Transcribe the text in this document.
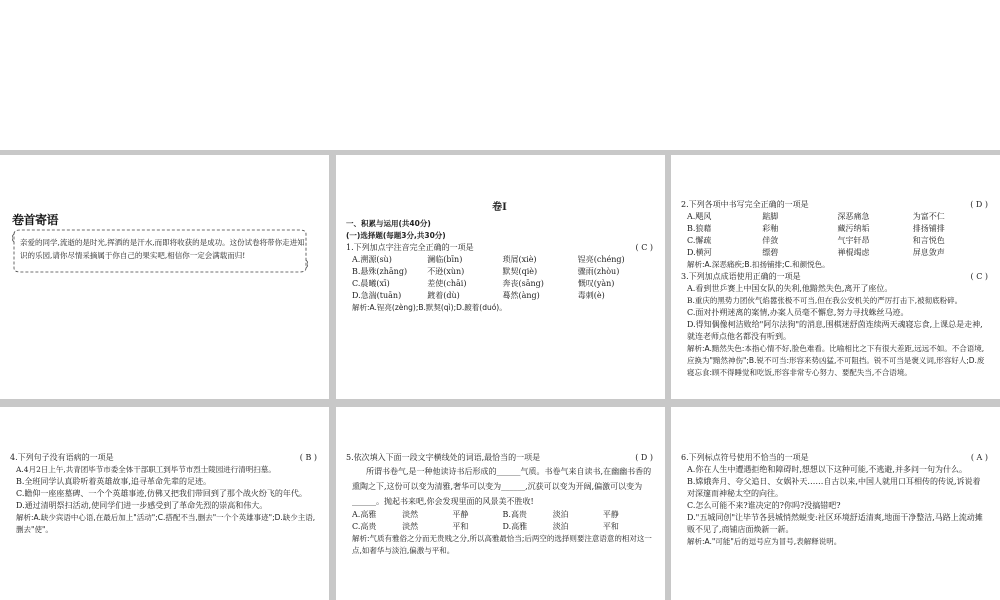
卷首寄语
亲爱的同学,流逝的是时光,挥洒的是汗水,而即将收获的是成功。这份试卷将带你走进知识的乐园,请你尽情采摘属于你自己的果实吧,相信你一定会满载而归!

卷Ⅰ

一、积累与运用(共40分)

(一)选择题(每题3分,共30分)

1.下列加点字注音完全正确的一项是	( C )

A.溯源(sù)	澜临(bīn)	琐屑(xiè)	锃亮(chéng)

B.悬殊(zhāng)	不逊(xùn)	默契(qiè)	骤雨(zhòu)

C.晨曦(xī)	差使(chāi)	奔丧(sāng)	慨叹(yàn)

D.急湍(tuān)	踱着(dù)	蓦然(àng)	毒刺(è)

解析:A.锃亮(zèng);B.默契(qì);D.踱着(duó)。

2.下列各项中书写完全正确的一项是	( D )

A.飓风	踮脚	深恶痛急	为富不仁

B.狼藉	彩釉	藏污纳垢	排扬铺排

C.懈疏	伴敛	气宇轩昂	和言悦色

D.横河	缥碧	禅棍竭虑	屏息敛声

解析:A.深恶痛疾;B.扣扬铺排;C.和颜悦色。

3.下列加点成语使用正确的一项是	( C )

A.看到世乒赛上中国女队的失利,他黯然失色,离开了座位。

B.重庆的黑势力团伙气焰嚣张极不可当,但在我公安机关的严厉打击下,被彻底粉碎。

C.面对扑朔迷离的案情,办案人员毫不懈怠,努力寻找蛛丝马迹。

D.得知偶像柯洁败给"阿尔法狗"的消息,围棋迷舒茵连续两天魂寝忘食,上课总是走神,就连老师点他名都没有听到。

解析:A.黯然失色:本指心情不好,脸色难看。比喻相比之下有很大差距,远远不如。不合语境,应换为"黯然神伤";B.锐不可当:形容来势凶猛,不可阻挡。锐不可当是褒义词,形容好人;D.废寝忘食:顾不得睡觉和吃饭,形容非常专心努力、要配失当,不合语境。

4.下列句子没有语病的一项是	( B )

A.4月2日上午,共青团毕节市委全体干部职工到毕节市烈士陵园进行清明扫墓。

B.全班同学认真聆听着英雄故事,追寻革命先辈的足迹。

C.瞻仰一座座墓碑、一个个英雄事迹,仿佛又把我们带回到了那个战火纷飞的年代。

D.通过清明祭扫活动,使同学们进一步感受到了革命先烈的崇高和伟大。

解析:A.缺少宾语中心语,在最后加上"活动";C.搭配不当,删去"一个个英雄事迹";D.缺少主语,删去"使"。

5.依次填入下面一段文字横线处的词语,最恰当的一项是	( D )

所谓书卷气,是一种他读诗书后形成的______气质。书卷气来自读书,在幽幽书香的熏陶之下,这份可以变为清雅,奢华可以变为______,沉获可以变为开阔,偏激可以变为______。抛起书来吧,你会发现里面的风景美不胜收!

A.高雅	淡然	平静	B.高贵	淡泊	平静

C.高贵	淡然	平和	D.高雅	淡泊	平和

解析:气质有雅俗之分而无贵贱之分,所以高雅最恰当;后两空的选择则要注意语意的相对这一点,如奢华与淡泊,偏激与平和。

6.下列标点符号使用不恰当的一项是	( A )

A.你在人生中遭遇拒绝和障碍时,想想以下这种可能,不逃避,并多问一句为什么。

B.嫦娥奔月、夸父追日、女娲补天……自古以来,中国人就用口耳相传的传说,诉说着对深邃而神秘太空的向往。

C.怎么可能不来?谁决定的?你吗?没搞错吧?

D."五城同创"让毕节各县城悄然蜕变:社区环境舒适清爽,地面干净整洁,马路上流动摊贩不见了,商铺店面焕新一新。

解析:A."可能"后的逗号应为冒号,表解释说明。
